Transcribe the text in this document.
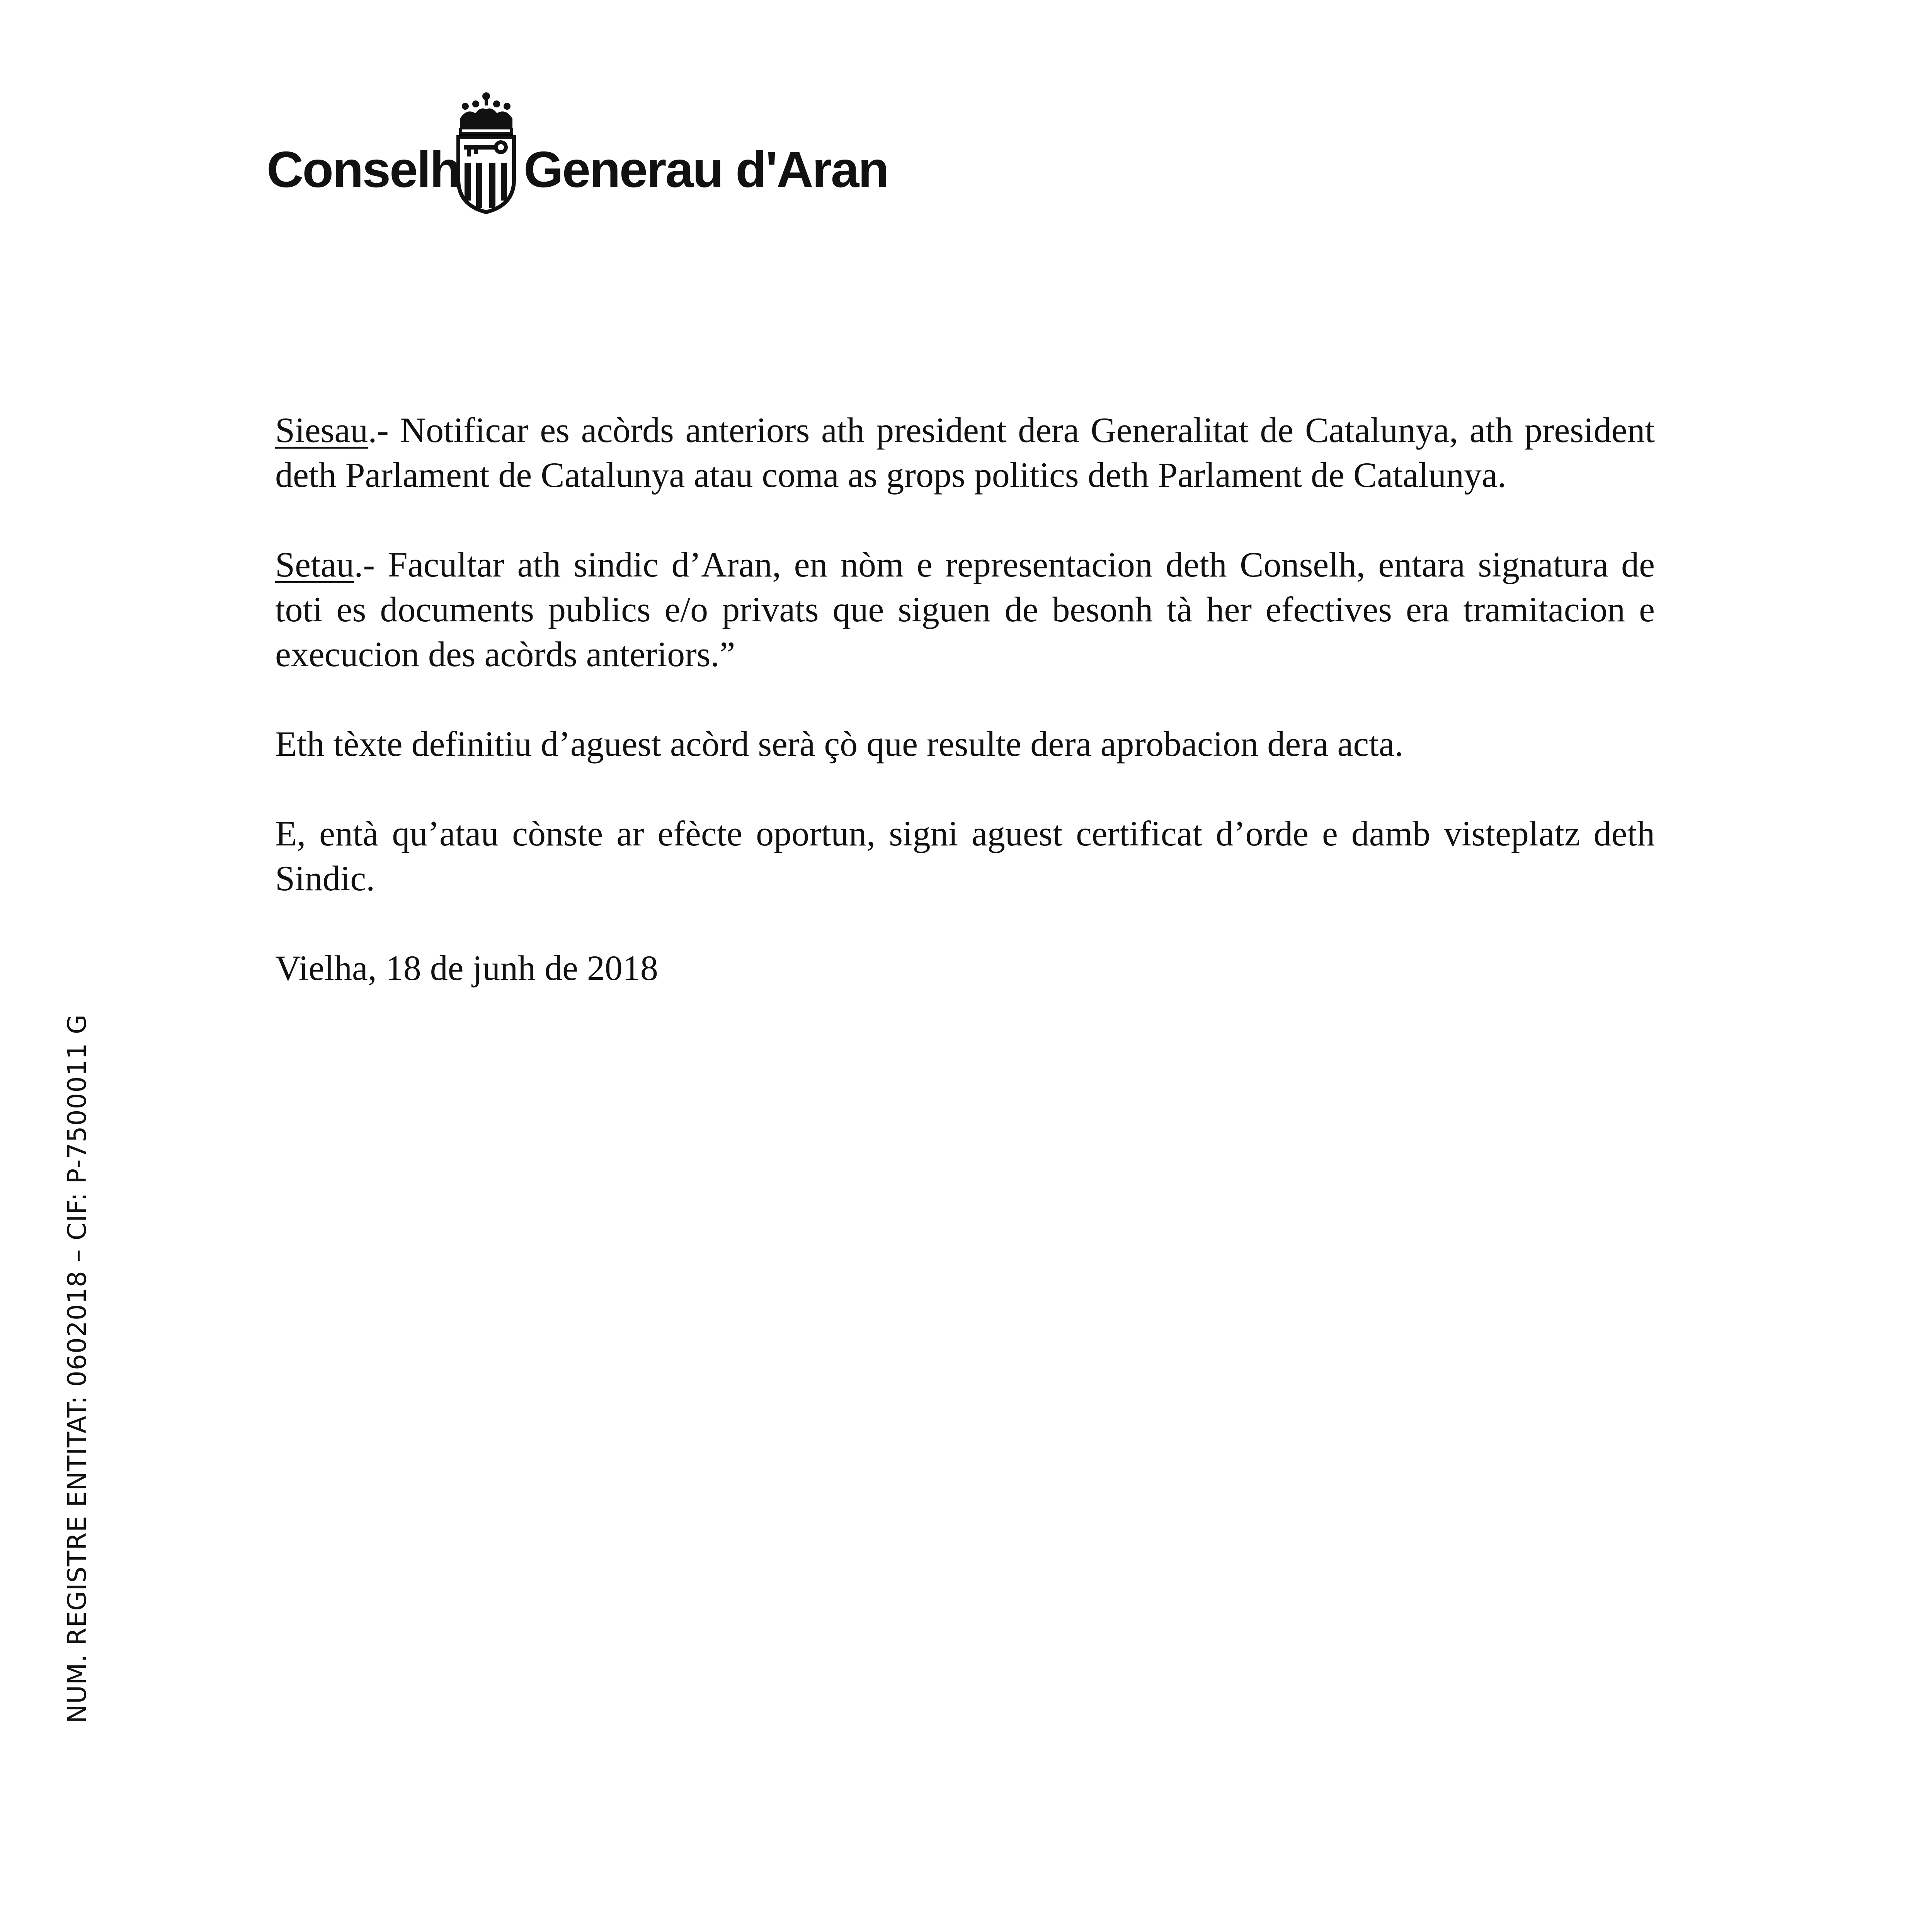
Conselh Generau d'Aran

Siesau.- Notificar es acòrds anteriors ath president dera Generalitat de Catalunya, ath president deth Parlament de Catalunya atau coma as grops politics deth Parlament de Catalunya.

Setau.- Facultar ath sindic d’Aran, en nòm e representacion deth Conselh, entara signatura de toti es documents publics e/o privats que siguen de besonh tà her efectives era tramitacion e execucion des acòrds anteriors.”

Eth tèxte definitiu d’aguest acòrd serà çò que resulte dera aprobacion dera acta.

E, entà qu’atau cònste ar efècte oportun, signi aguest certificat d’orde e damb visteplatz deth Sindic.

Vielha, 18 de junh de 2018

NUM. REGISTRE ENTITAT: 0602018 – CIF: P-7500011 G
